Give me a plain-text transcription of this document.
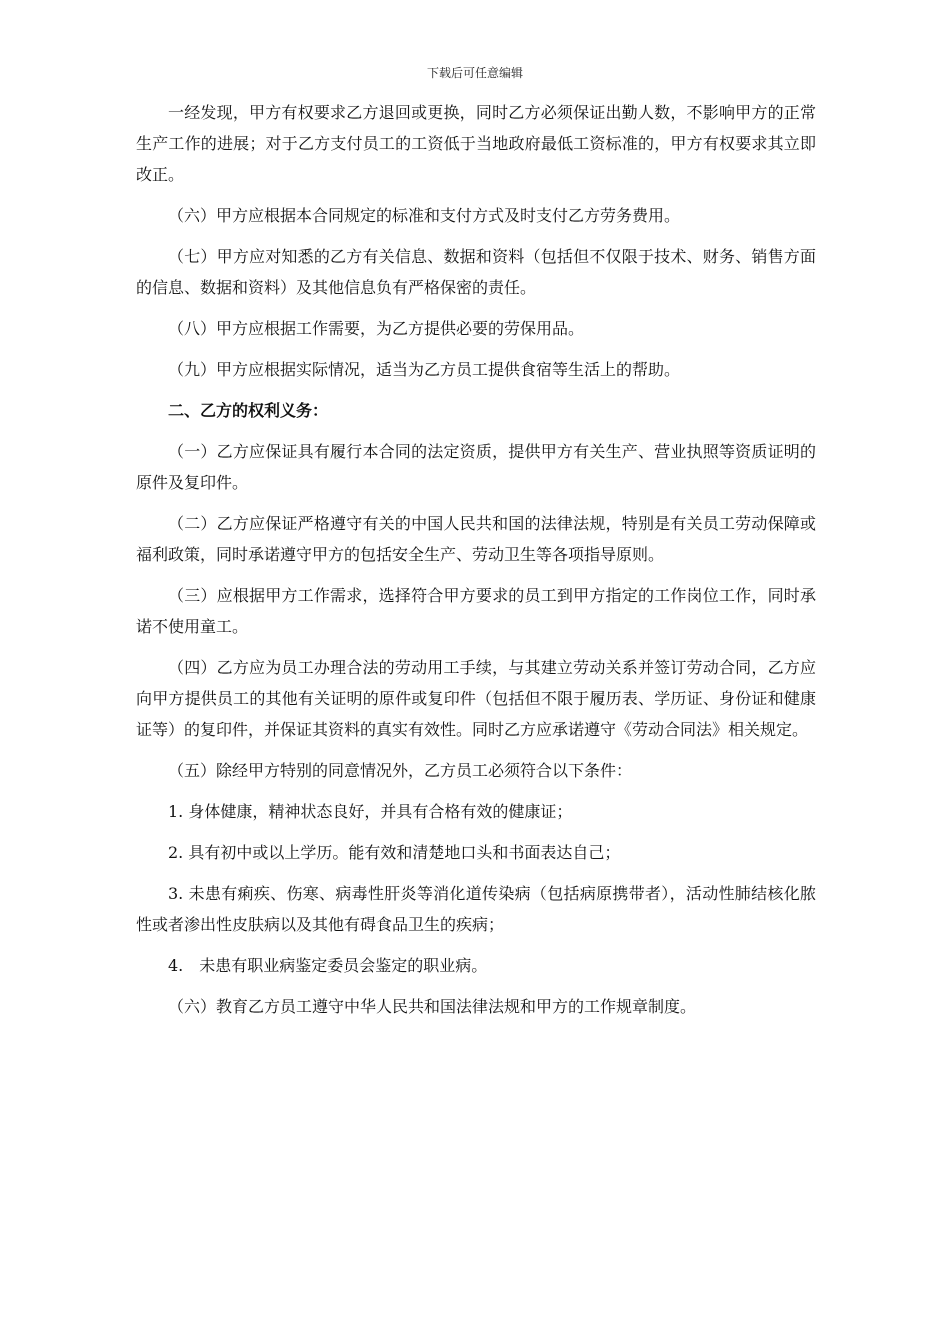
下载后可任意编辑

一经发现，甲方有权要求乙方退回或更换，同时乙方必须保证出勤人数，不影响甲方的正常生产工作的进展；对于乙方支付员工的工资低于当地政府最低工资标准的，甲方有权要求其立即改正。

（六）甲方应根据本合同规定的标准和支付方式及时支付乙方劳务费用。

（七）甲方应对知悉的乙方有关信息、数据和资料（包括但不仅限于技术、财务、销售方面的信息、数据和资料）及其他信息负有严格保密的责任。

（八）甲方应根据工作需要，为乙方提供必要的劳保用品。

（九）甲方应根据实际情况，适当为乙方员工提供食宿等生活上的帮助。

二、乙方的权利义务：

（一）乙方应保证具有履行本合同的法定资质，提供甲方有关生产、营业执照等资质证明的原件及复印件。

（二）乙方应保证严格遵守有关的中国人民共和国的法律法规，特别是有关员工劳动保障或福利政策，同时承诺遵守甲方的包括安全生产、劳动卫生等各项指导原则。

（三）应根据甲方工作需求，选择符合甲方要求的员工到甲方指定的工作岗位工作，同时承诺不使用童工。

（四）乙方应为员工办理合法的劳动用工手续，与其建立劳动关系并签订劳动合同，乙方应向甲方提供员工的其他有关证明的原件或复印件（包括但不限于履历表、学历证、身份证和健康证等）的复印件，并保证其资料的真实有效性。同时乙方应承诺遵守《劳动合同法》相关规定。

（五）除经甲方特别的同意情况外，乙方员工必须符合以下条件：

1. 身体健康，精神状态良好，并具有合格有效的健康证；

2. 具有初中或以上学历。能有效和清楚地口头和书面表达自己；

3. 未患有痢疾、伤寒、病毒性肝炎等消化道传染病（包括病原携带者），活动性肺结核化脓性或者渗出性皮肤病以及其他有碍食品卫生的疾病；

4.　未患有职业病鉴定委员会鉴定的职业病。

（六）教育乙方员工遵守中华人民共和国法律法规和甲方的工作规章制度。
